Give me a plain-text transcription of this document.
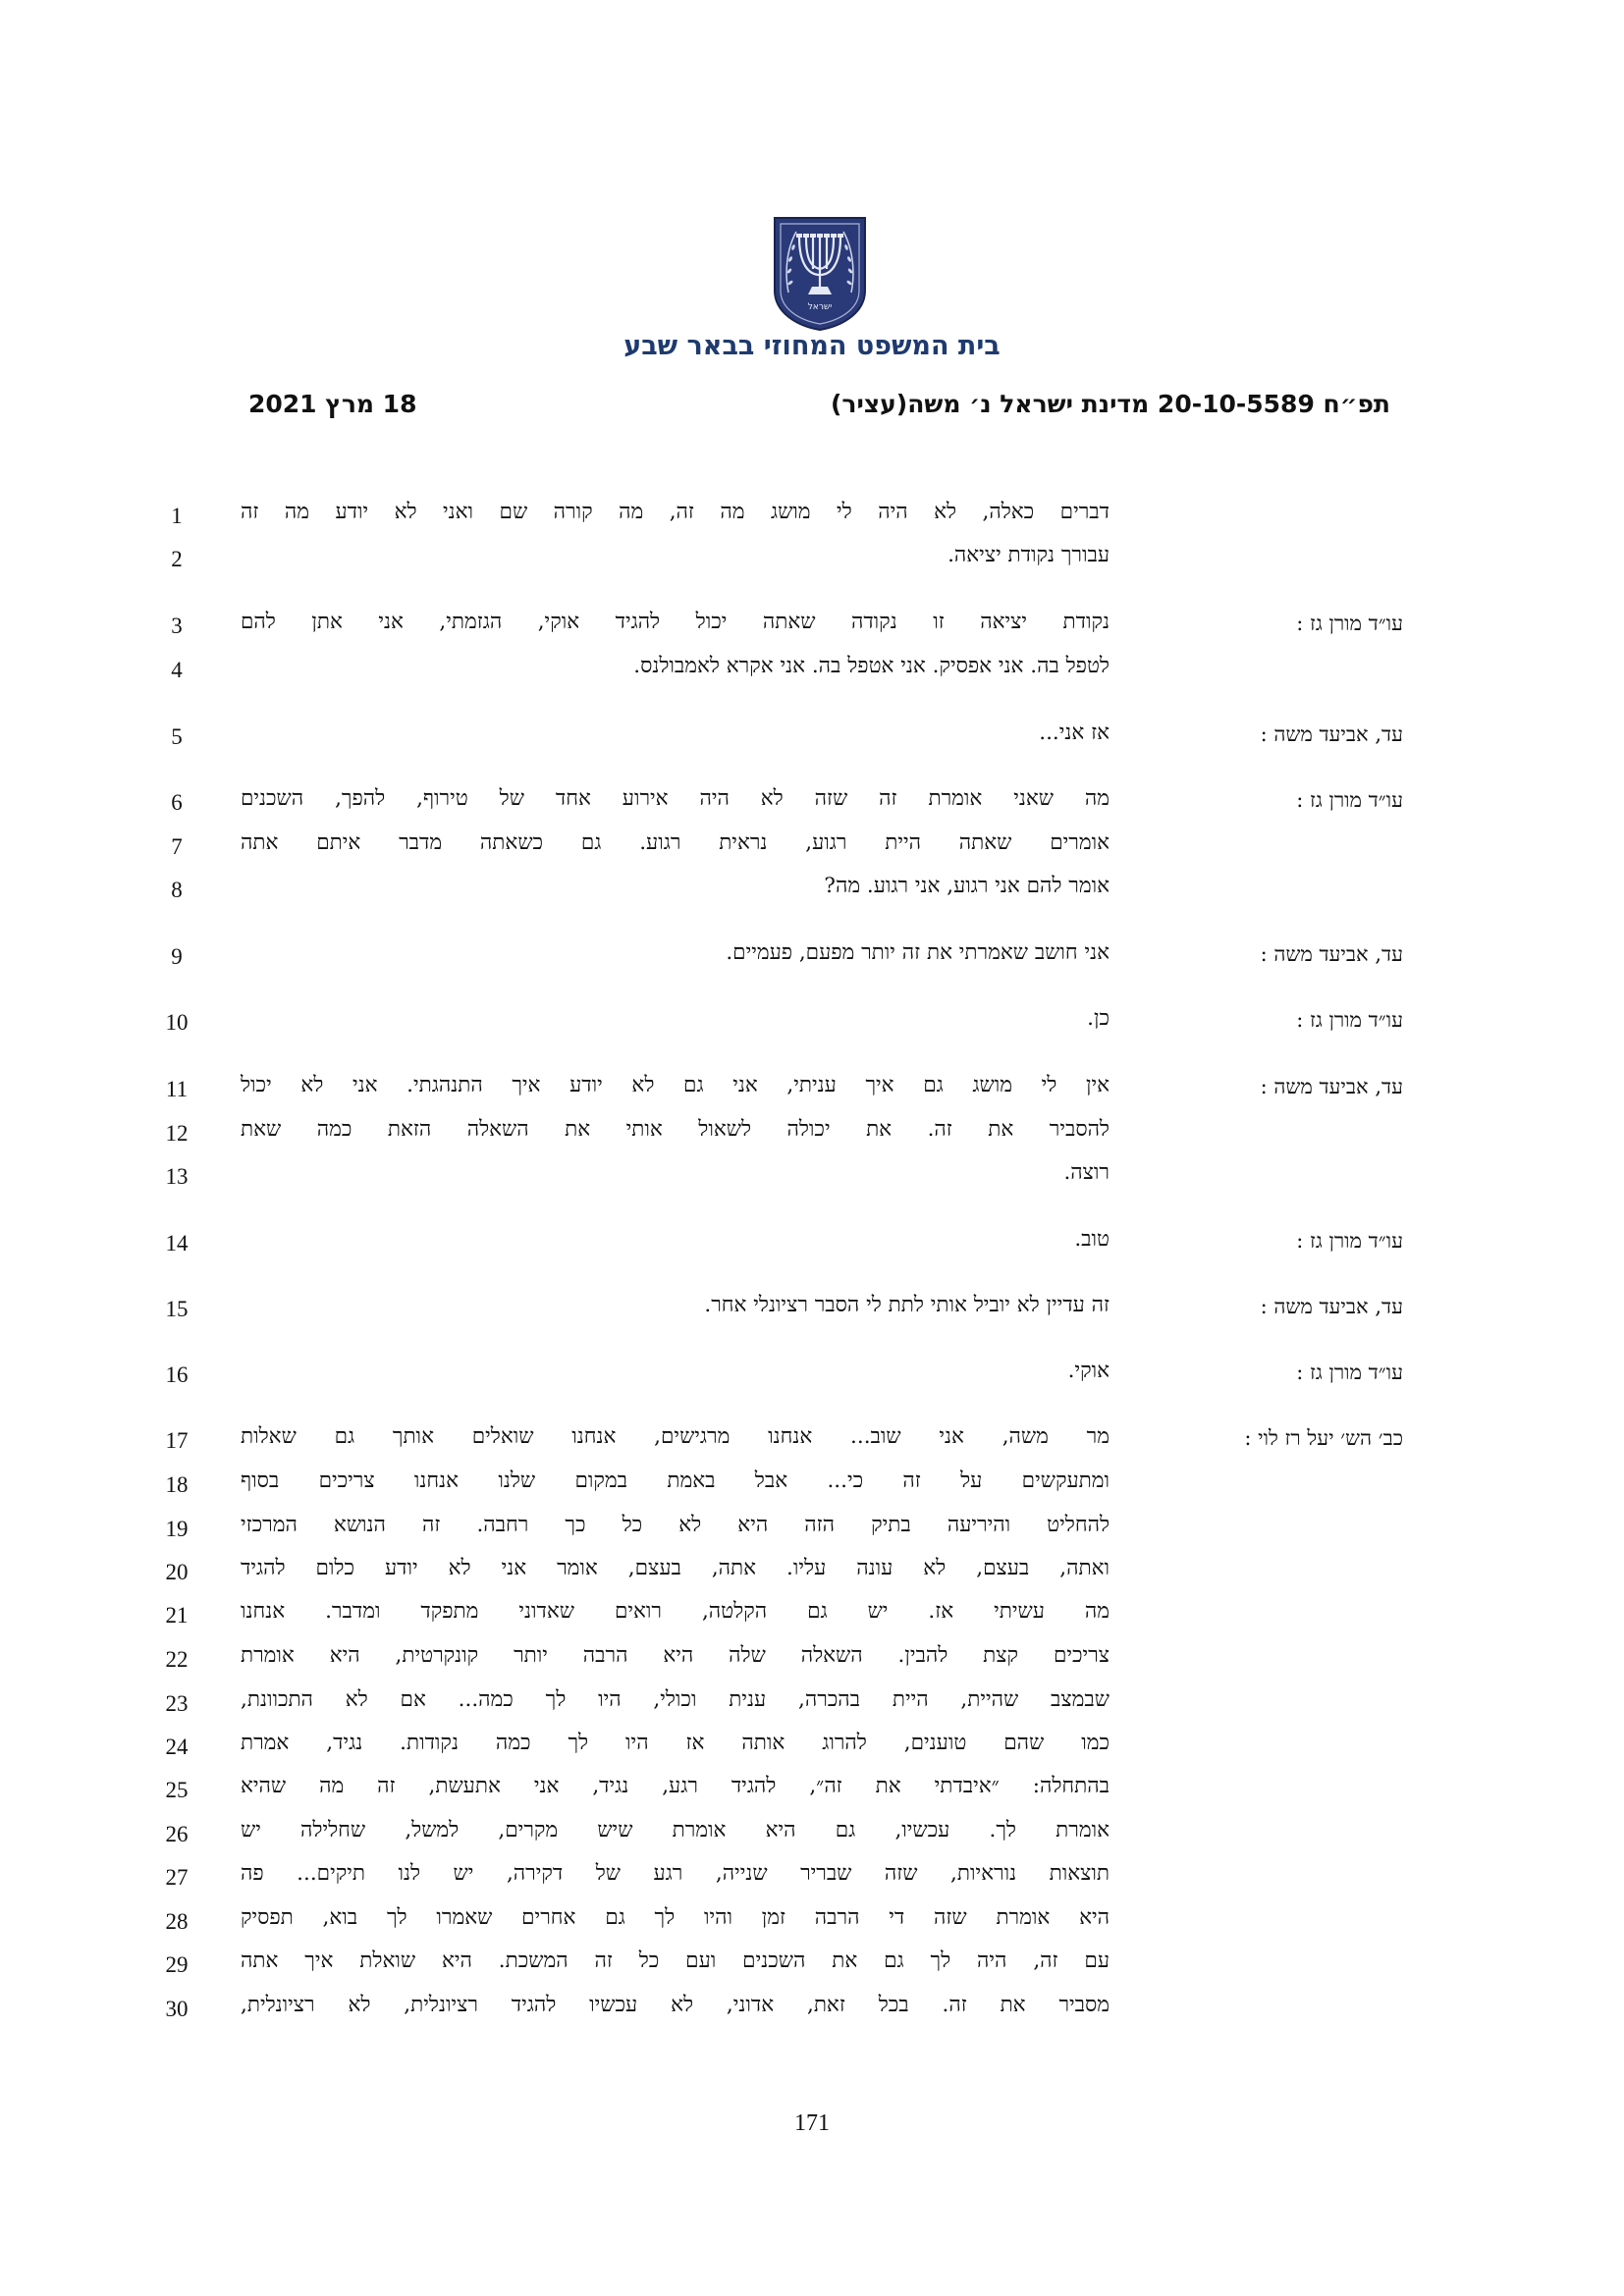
ישראל
בית המשפט המחוזי בבאר שבע
תפ״ח 20-10-5589 מדינת ישראל נ׳ משה(עציר)
18 מרץ 2021
1	דברים כאלה, לא היה לי מושג מה זה, מה קורה שם ואני לא יודע מה זה
2	עבורך נקודת יציאה.
3	עו״ד מורן גז :
נקודת יציאה זו נקודה שאתה יכול להגיד אוקי, הגזמתי, אני אתן להם
4	לטפל בה. אני אפסיק. אני אטפל בה. אני אקרא לאמבולנס.
5	עד, אביעד משה :
אז אני...
6	עו״ד מורן גז :
מה שאני אומרת זה שזה לא היה אירוע אחד של טירוף, להפך, השכנים
7	אומרים שאתה היית רגוע, נראית רגוע. גם כשאתה מדבר איתם אתה
8	אומר להם אני רגוע, אני רגוע. מה?
9	עד, אביעד משה :
אני חושב שאמרתי את זה יותר מפעם, פעמיים.
10	עו״ד מורן גז :
כן.
11	עד, אביעד משה :
אין לי מושג גם איך עניתי, אני גם לא יודע איך התנהגתי. אני לא יכול
12	להסביר את זה. את יכולה לשאול אותי את השאלה הזאת כמה שאת
13	רוצה.
14	עו״ד מורן גז :
טוב.
15	עד, אביעד משה :
זה עדיין לא יוביל אותי לתת לי הסבר רציונלי אחר.
16	עו״ד מורן גז :
אוקי.
17	כב׳ הש׳ יעל רז לוי :
מר משה, אני שוב... אנחנו מרגישים, אנחנו שואלים אותך גם שאלות
18	ומתעקשים על זה כי... אבל באמת במקום שלנו אנחנו צריכים בסוף
19	להחליט והיריעה בתיק הזה היא לא כל כך רחבה. זה הנושא המרכזי
20	ואתה, בעצם, לא עונה עליו. אתה, בעצם, אומר אני לא יודע כלום להגיד
21	מה עשיתי אז. יש גם הקלטה, רואים שאדוני מתפקד ומדבר. אנחנו
22	צריכים קצת להבין. השאלה שלה היא הרבה יותר קונקרטית, היא אומרת
23	שבמצב שהיית, היית בהכרה, ענית וכולי, היו לך כמה... אם לא התכוונת,
24	כמו שהם טוענים, להרוג אותה אז היו לך כמה נקודות. נגיד, אמרת
25	בהתחלה: ״איבדתי את זה״, להגיד רגע, נגיד, אני אתעשת, זה מה שהיא
26	אומרת לך. עכשיו, גם היא אומרת שיש מקרים, למשל, שחלילה יש
27	תוצאות נוראיות, שזה שבריר שנייה, רגע של דקירה, יש לנו תיקים... פה
28	היא אומרת שזה די הרבה זמן והיו לך גם אחרים שאמרו לך בוא, תפסיק
29	עם זה, היה לך גם את השכנים ועם כל זה המשכת. היא שואלת איך אתה
30	מסביר את זה. בכל זאת, אדוני, לא עכשיו להגיד רציונלית, לא רציונלית,
171
